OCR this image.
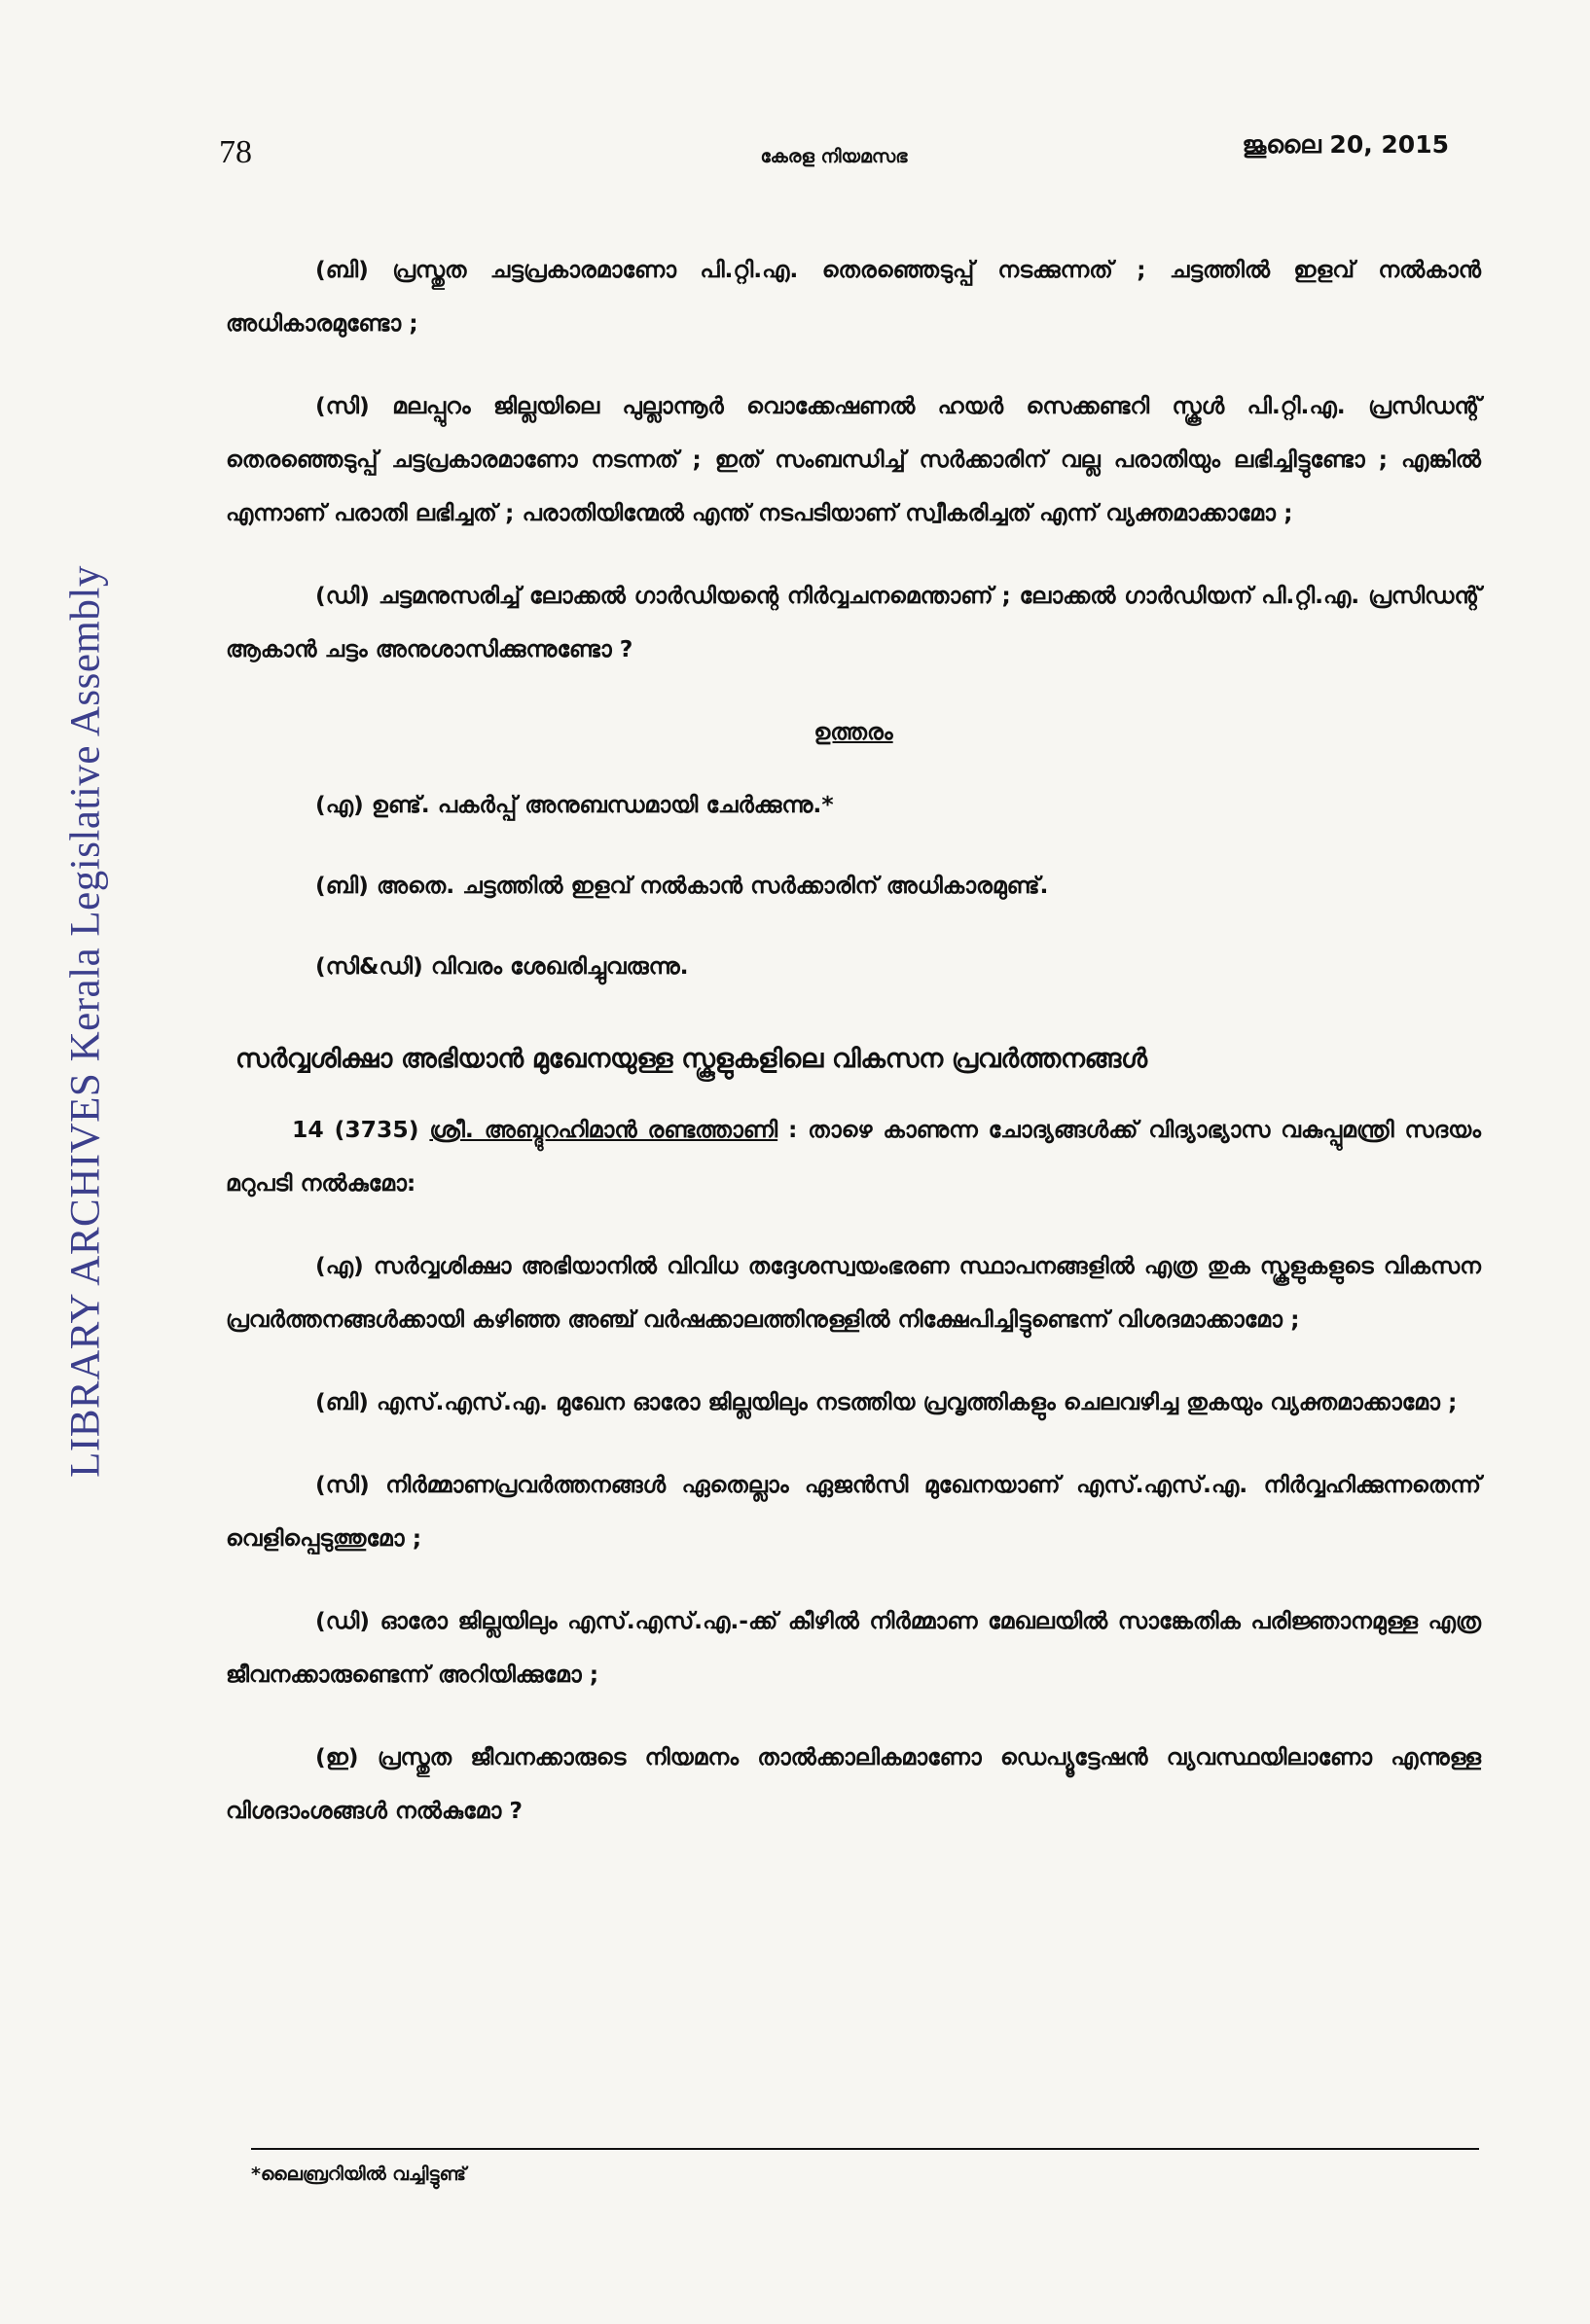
LIBRARY ARCHIVES Kerala Legislative Assembly
78	കേരള നിയമസഭ	ജൂലൈ 20, 2015

(ബി) പ്രസ്തുത ചട്ടപ്രകാരമാണോ പി.റ്റി.എ. തെരഞ്ഞെടുപ്പ് നടക്കുന്നത് ; ചട്ടത്തിൽ ഇളവ് നൽകാൻ അധികാരമുണ്ടോ ;

(സി) മലപ്പുറം ജില്ലയിലെ പുല്ലാന്നൂർ വൊക്കേഷണൽ ഹയർ സെക്കണ്ടറി സ്കൂൾ പി.റ്റി.എ. പ്രസിഡന്റ് തെരഞ്ഞെടുപ്പ് ചട്ടപ്രകാരമാണോ നടന്നത് ; ഇത് സംബന്ധിച്ച് സർക്കാരിന് വല്ല പരാതിയും ലഭിച്ചിട്ടുണ്ടോ ; എങ്കിൽ എന്നാണ് പരാതി ലഭിച്ചത് ; പരാതിയിന്മേൽ എന്ത് നടപടിയാണ് സ്വീകരിച്ചത് എന്ന് വ്യക്തമാക്കാമോ ;

(ഡി) ചട്ടമനുസരിച്ച് ലോക്കൽ ഗാർഡിയന്റെ നിർവ്വചനമെന്താണ് ; ലോക്കൽ ഗാർഡിയന് പി.റ്റി.എ. പ്രസിഡന്റ് ആകാൻ ചട്ടം അനുശാസിക്കുന്നുണ്ടോ ?

ഉത്തരം
(എ) ഉണ്ട്. പകർപ്പ് അനുബന്ധമായി ചേർക്കുന്നു.*
(ബി) അതെ. ചട്ടത്തിൽ ഇളവ് നൽകാൻ സർക്കാരിന് അധികാരമുണ്ട്.
(സി&ഡി) വിവരം ശേഖരിച്ചുവരുന്നു.
സർവ്വശിക്ഷാ അഭിയാൻ മുഖേനയുള്ള സ്കൂളുകളിലെ വികസന പ്രവർത്തനങ്ങൾ

14 (3735) ശ്രീ. അബ്ദുറഹിമാൻ രണ്ടത്താണി : താഴെ കാണുന്ന ചോദ്യങ്ങൾക്ക് വിദ്യാഭ്യാസ വകുപ്പുമന്ത്രി സദയം മറുപടി നൽകുമോ:

(എ) സർവ്വശിക്ഷാ അഭിയാനിൽ വിവിധ തദ്ദേശസ്വയംഭരണ സ്ഥാപനങ്ങളിൽ എത്ര തുക സ്കൂളുകളുടെ വികസന പ്രവർത്തനങ്ങൾക്കായി കഴിഞ്ഞ അഞ്ച് വർഷക്കാലത്തിനുള്ളിൽ നിക്ഷേപിച്ചിട്ടുണ്ടെന്ന് വിശദമാക്കാമോ ;

(ബി) എസ്.എസ്.എ. മുഖേന ഓരോ ജില്ലയിലും നടത്തിയ പ്രവൃത്തികളും ചെലവഴിച്ച തുകയും വ്യക്തമാക്കാമോ ;

(സി) നിർമ്മാണപ്രവർത്തനങ്ങൾ ഏതെല്ലാം ഏജൻസി മുഖേനയാണ് എസ്.എസ്.എ. നിർവ്വഹിക്കുന്നതെന്ന് വെളിപ്പെടുത്തുമോ ;

(ഡി) ഓരോ ജില്ലയിലും എസ്.എസ്.എ.-ക്ക് കീഴിൽ നിർമ്മാണ മേഖലയിൽ സാങ്കേതിക പരിജ്ഞാനമുള്ള എത്ര ജീവനക്കാരുണ്ടെന്ന് അറിയിക്കുമോ ;

(ഇ) പ്രസ്തുത ജീവനക്കാരുടെ നിയമനം താൽക്കാലികമാണോ ഡെപ്യൂട്ടേഷൻ വ്യവസ്ഥയിലാണോ എന്നുള്ള വിശദാംശങ്ങൾ നൽകുമോ ?

*ലൈബ്രറിയിൽ വച്ചിട്ടുണ്ട്
